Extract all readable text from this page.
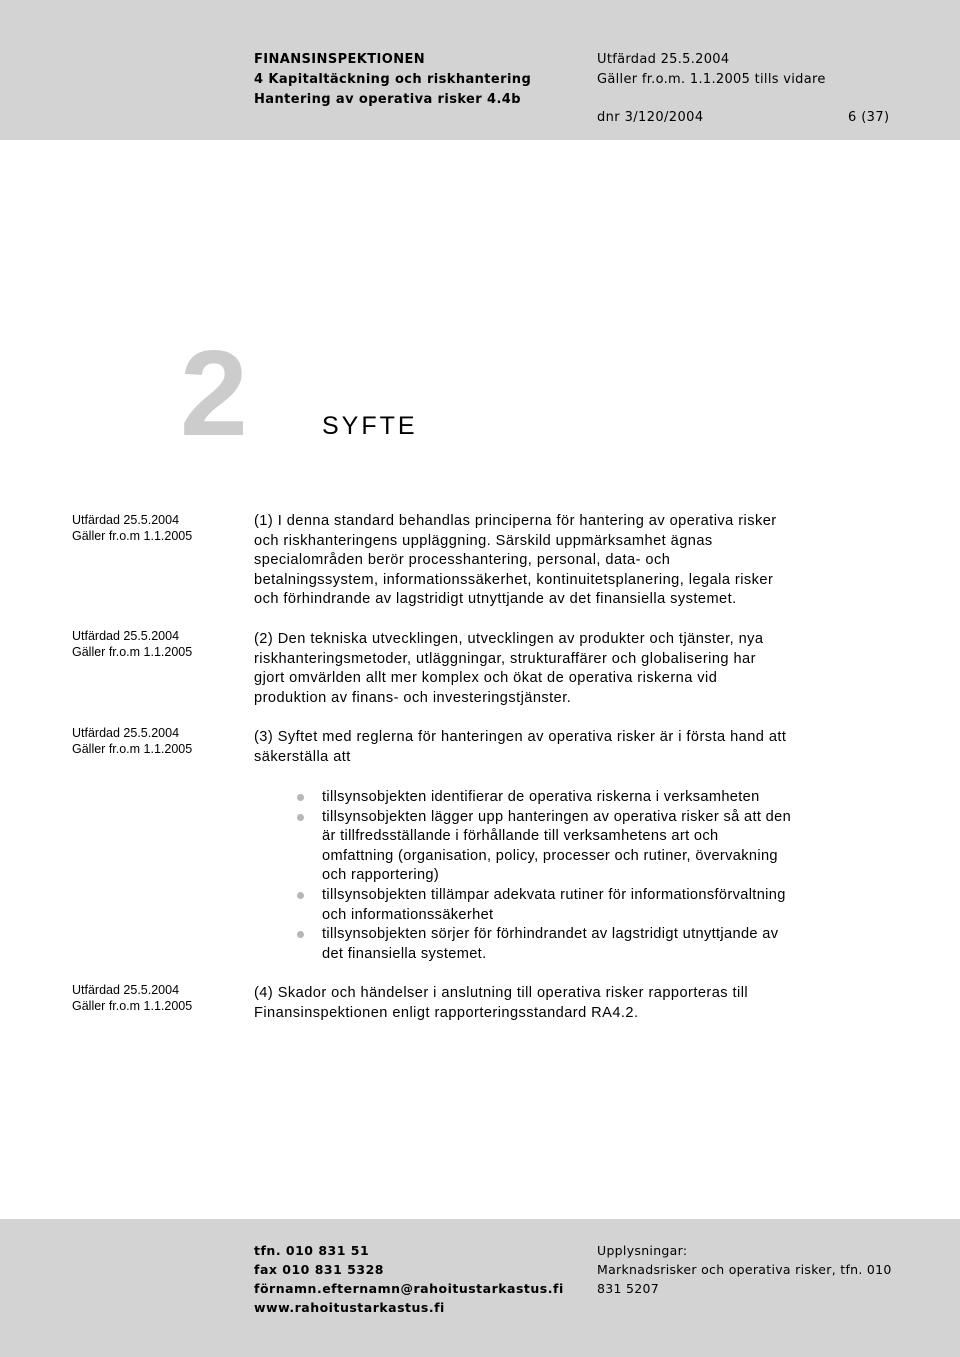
FINANSINSPEKTIONEN
4 Kapitaltäckning och riskhantering
Hantering av operativa risker 4.4b
Utfärdad 25.5.2004
Gäller fr.o.m. 1.1.2005 tills vidare
dnr 3/120/2004	6 (37)
2	SYFTE
Utfärdad 25.5.2004
Gäller fr.o.m 1.1.2005
Utfärdad 25.5.2004
Gäller fr.o.m 1.1.2005
Utfärdad 25.5.2004
Gäller fr.o.m 1.1.2005
Utfärdad 25.5.2004
Gäller fr.o.m 1.1.2005
(1) I denna standard behandlas principerna för hantering av operativa risker
och riskhanteringens uppläggning. Särskild uppmärksamhet ägnas
specialområden berör processhantering, personal, data- och
betalningssystem, informationssäkerhet, kontinuitetsplanering, legala risker
och förhindrande av lagstridigt utnyttjande av det finansiella systemet.
(2) Den tekniska utvecklingen, utvecklingen av produkter och tjänster, nya
riskhanteringsmetoder, utläggningar, strukturaffärer och globalisering har
gjort omvärlden allt mer komplex och ökat de operativa riskerna vid
produktion av finans- och investeringstjänster.
(3) Syftet med reglerna för hanteringen av operativa risker är i första hand att
säkerställa att
tillsynsobjekten identifierar de operativa riskerna i verksamheten
tillsynsobjekten lägger upp hanteringen av operativa risker så att den
är tillfredsställande i förhållande till verksamhetens art och
omfattning (organisation, policy, processer och rutiner, övervakning
och rapportering)
tillsynsobjekten tillämpar adekvata rutiner för informationsförvaltning
och informationssäkerhet
tillsynsobjekten sörjer för förhindrandet av lagstridigt utnyttjande av
det finansiella systemet.
(4) Skador och händelser i anslutning till operativa risker rapporteras till
Finansinspektionen enligt rapporteringsstandard RA4.2.
tfn. 010 831 51
fax 010 831 5328
förnamn.efternamn@rahoitustarkastus.fi
www.rahoitustarkastus.fi
Upplysningar:
Marknadsrisker och operativa risker, tfn. 010
831 5207
